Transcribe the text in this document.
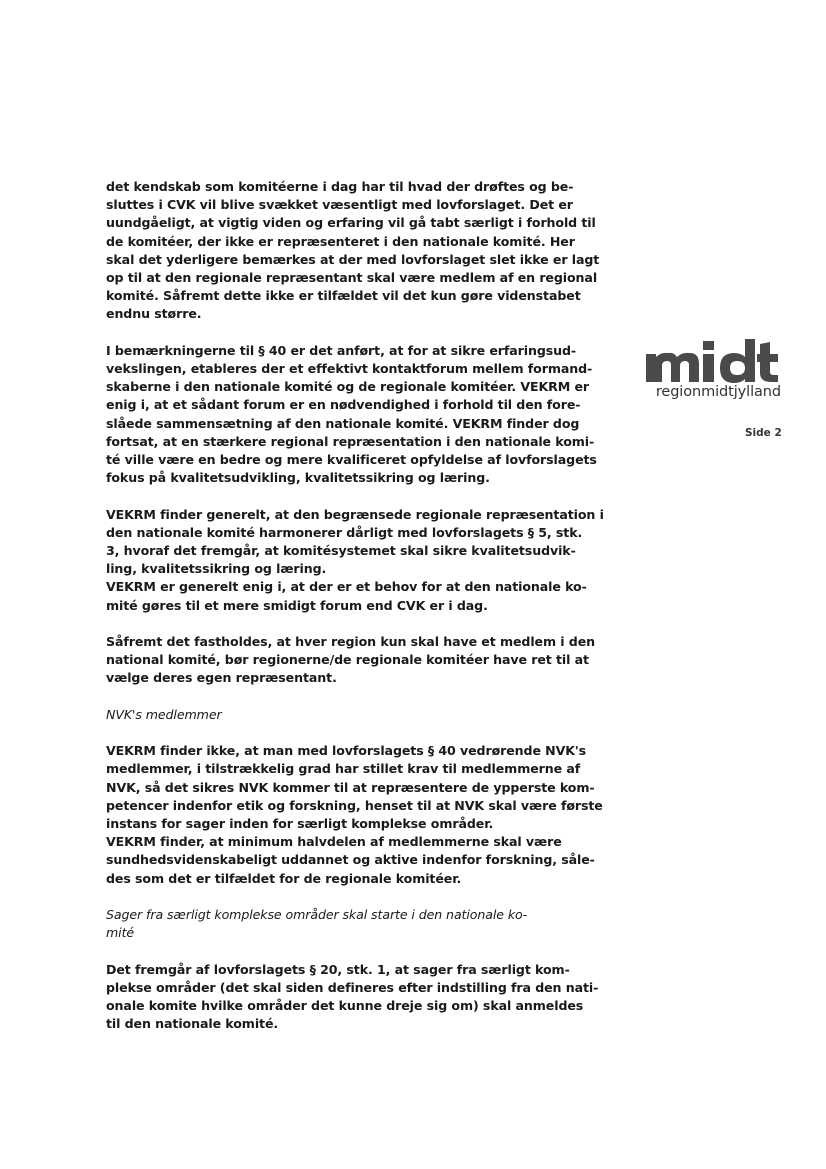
det kendskab som komitéerne i dag har til hvad der drøftes og be-
sluttes i CVK vil blive svækket væsentligt med lovforslaget. Det er
uundgåeligt, at vigtig viden og erfaring vil gå tabt særligt i forhold til
de komitéer, der ikke er repræsenteret i den nationale komité. Her
skal det yderligere bemærkes at der med lovforslaget slet ikke er lagt
op til at den regionale repræsentant skal være medlem af en regional
komité. Såfremt dette ikke er tilfældet vil det kun gøre videnstabet
endnu større.

I bemærkningerne til § 40 er det anført, at for at sikre erfaringsud-
vekslingen, etableres der et effektivt kontaktforum mellem formand-
skaberne i den nationale komité og de regionale komitéer. VEKRM er
enig i, at et sådant forum er en nødvendighed i forhold til den fore-
slåede sammensætning af den nationale komité. VEKRM finder dog
fortsat, at en stærkere regional repræsentation i den nationale komi-
té ville være en bedre og mere kvalificeret opfyldelse af lovforslagets
fokus på kvalitetsudvikling, kvalitetssikring og læring.

VEKRM finder generelt, at den begrænsede regionale repræsentation i
den nationale komité harmonerer dårligt med lovforslagets § 5, stk.
3, hvoraf det fremgår, at komitésystemet skal sikre kvalitetsudvik-
ling, kvalitetssikring og læring.
VEKRM er generelt enig i, at der er et behov for at den nationale ko-
mité gøres til et mere smidigt forum end CVK er i dag.

Såfremt det fastholdes, at hver region kun skal have et medlem i den
national komité, bør regionerne/de regionale komitéer have ret til at
vælge deres egen repræsentant.

NVK's medlemmer

VEKRM finder ikke, at man med lovforslagets § 40 vedrørende NVK's
medlemmer, i tilstrækkelig grad har stillet krav til medlemmerne af
NVK, så det sikres NVK kommer til at repræsentere de ypperste kom-
petencer indenfor etik og forskning, henset til at NVK skal være første
instans for sager inden for særligt komplekse områder.
VEKRM finder, at minimum halvdelen af medlemmerne skal være
sundhedsvidenskabeligt uddannet og aktive indenfor forskning, såle-
des som det er tilfældet for de regionale komitéer.

Sager fra særligt komplekse områder skal starte i den nationale ko-
mité

Det fremgår af lovforslagets § 20, stk. 1, at sager fra særligt kom-
plekse områder (det skal siden defineres efter indstilling fra den nati-
onale komite hvilke områder det kunne dreje sig om) skal anmeldes
til den nationale komité.

regionmidtjylland
Side 2
